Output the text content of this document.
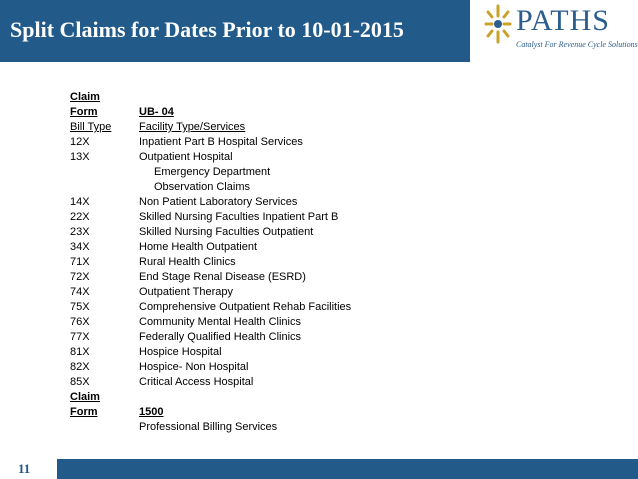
Split Claims for Dates Prior to 10-01-2015	PATHS
Catalyst For Revenue Cycle Solutions
Claim
Form	UB- 04
Bill Type	Facility Type/Services
12X	Inpatient Part B Hospital Services
13X	Outpatient Hospital
Emergency Department
Observation Claims
14X	Non Patient Laboratory Services
22X	Skilled Nursing Faculties Inpatient Part B
23X	Skilled Nursing Faculties Outpatient
34X	Home Health Outpatient
71X	Rural Health Clinics
72X	End Stage Renal Disease (ESRD)
74X	Outpatient Therapy
75X	Comprehensive Outpatient Rehab Facilities
76X	Community Mental Health Clinics
77X	Federally Qualified Health Clinics
81X	Hospice Hospital
82X	Hospice- Non Hospital
85X	Critical Access Hospital
Claim
Form	1500
Professional Billing Services
11
